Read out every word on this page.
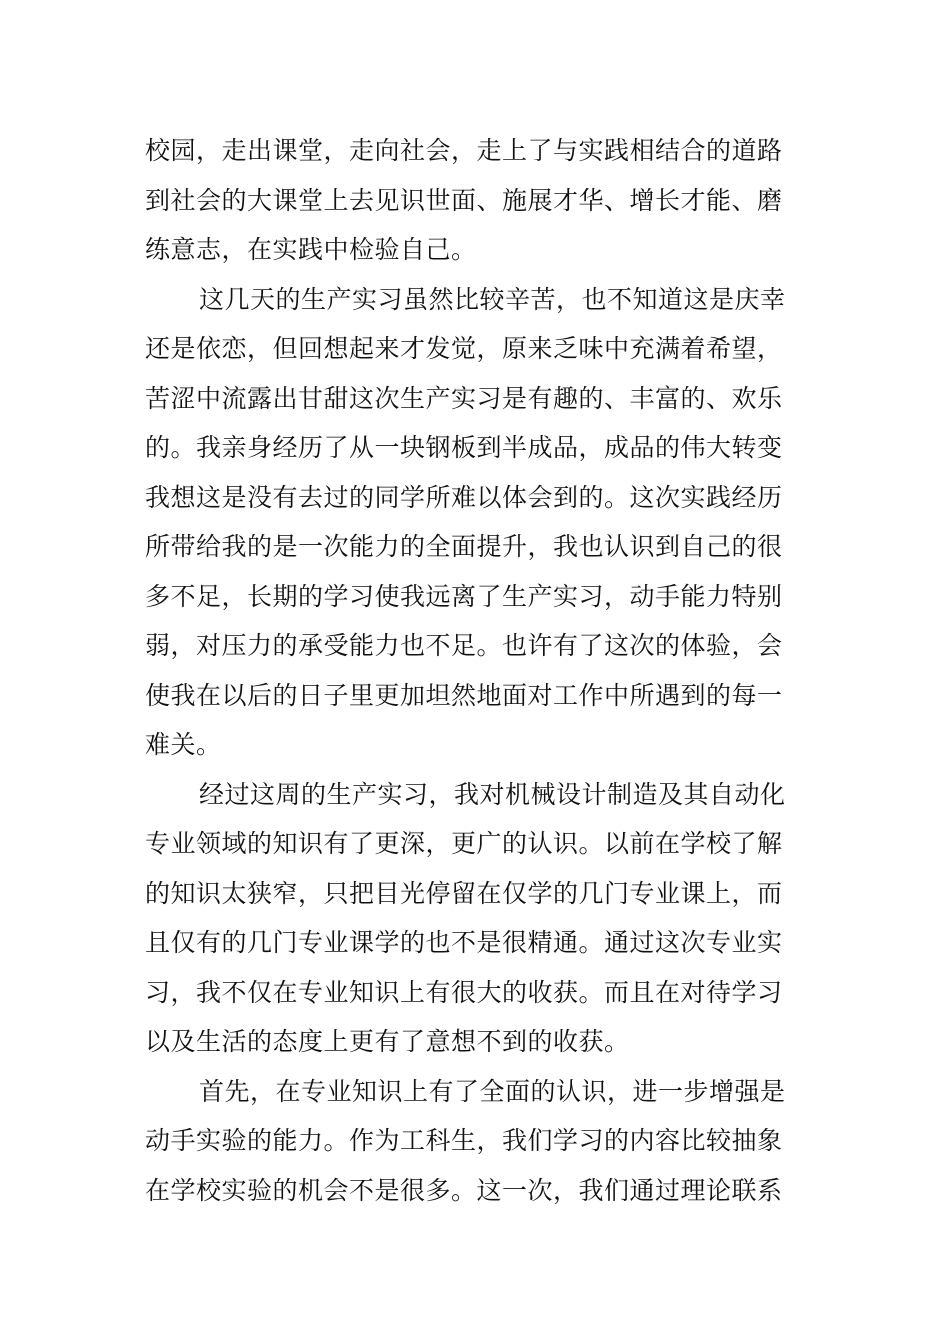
校园，走出课堂，走向社会，走上了与实践相结合的道路
到社会的大课堂上去见识世面、施展才华、增长才能、磨
练意志，在实践中检验自己。
这几天的生产实习虽然比较辛苦，也不知道这是庆幸
还是依恋，但回想起来才发觉，原来乏味中充满着希望，
苦涩中流露出甘甜这次生产实习是有趣的、丰富的、欢乐
的。我亲身经历了从一块钢板到半成品，成品的伟大转变
我想这是没有去过的同学所难以体会到的。这次实践经历
所带给我的是一次能力的全面提升，我也认识到自己的很
多不足，长期的学习使我远离了生产实习，动手能力特别
弱，对压力的承受能力也不足。也许有了这次的体验，会
使我在以后的日子里更加坦然地面对工作中所遇到的每一
难关。
经过这周的生产实习，我对机械设计制造及其自动化
专业领域的知识有了更深，更广的认识。以前在学校了解
的知识太狭窄，只把目光停留在仅学的几门专业课上，而
且仅有的几门专业课学的也不是很精通。通过这次专业实
习，我不仅在专业知识上有很大的收获。而且在对待学习
以及生活的态度上更有了意想不到的收获。
首先，在专业知识上有了全面的认识，进一步增强是
动手实验的能力。作为工科生，我们学习的内容比较抽象
在学校实验的机会不是很多。这一次，我们通过理论联系
